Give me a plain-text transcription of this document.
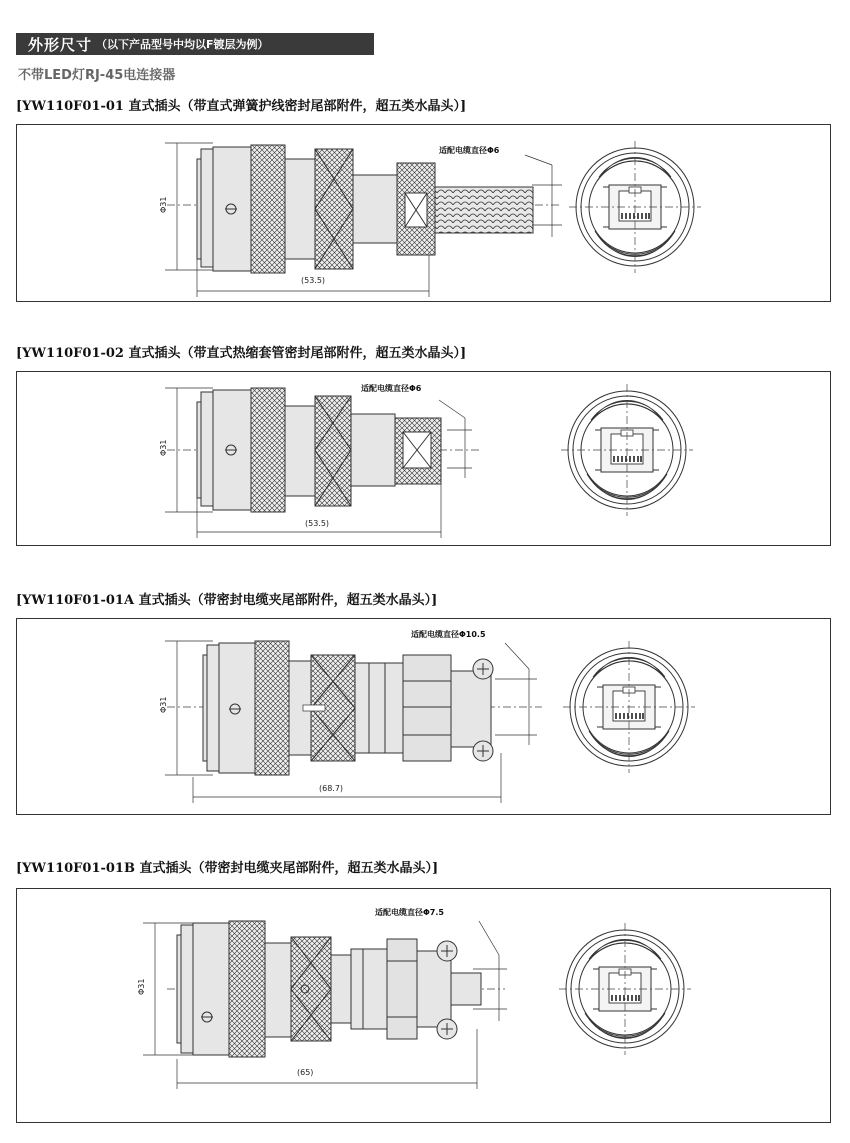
外形尺寸 （以下产品型号中均以F镀层为例）
不带LED灯RJ-45电连接器
[YW110F01-01 直式插头（带直式弹簧护线密封尾部附件，超五类水晶头）]
Φ31
适配电缆直径Φ6
(53.5)
[YW110F01-02 直式插头（带直式热缩套管密封尾部附件，超五类水晶头）]
Φ31
适配电缆直径Φ6
(53.5)
[YW110F01-01A 直式插头（带密封电缆夹尾部附件，超五类水晶头）]
Φ31
适配电缆直径Φ10.5
(68.7)
[YW110F01-01B 直式插头（带密封电缆夹尾部附件，超五类水晶头）]
Φ31
适配电缆直径Φ7.5
(65)
